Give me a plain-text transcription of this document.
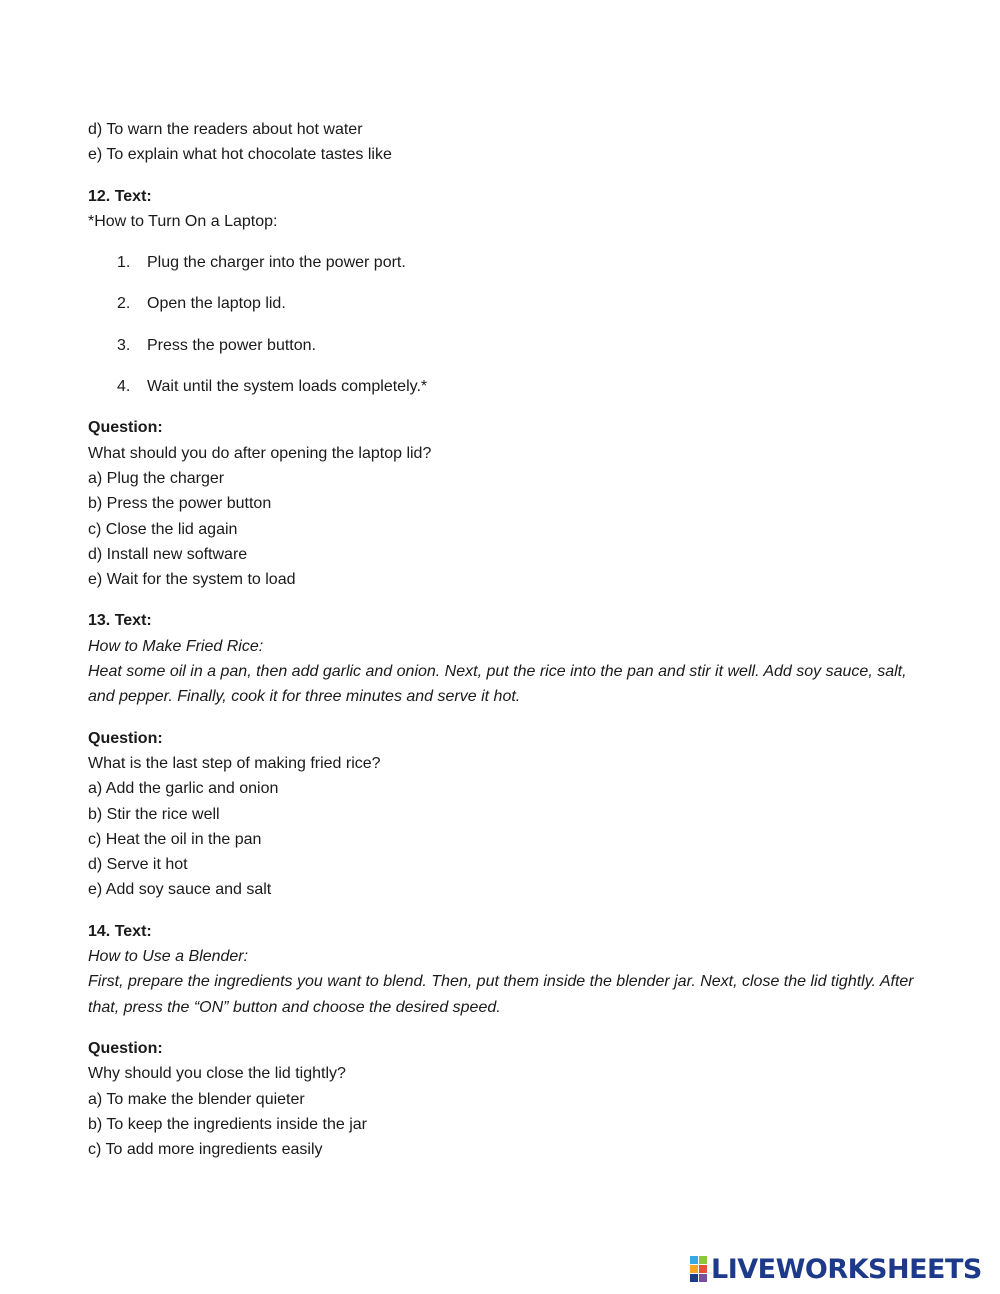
d) To warn the readers about hot water
e) To explain what hot chocolate tastes like
12. Text:
*How to Turn On a Laptop:
1. Plug the charger into the power port.
2. Open the laptop lid.
3. Press the power button.
4. Wait until the system loads completely.*
Question:
What should you do after opening the laptop lid?
a) Plug the charger
b) Press the power button
c) Close the lid again
d) Install new software
e) Wait for the system to load
13. Text:
How to Make Fried Rice:
Heat some oil in a pan, then add garlic and onion. Next, put the rice into the pan and stir it well. Add soy sauce, salt, and pepper. Finally, cook it for three minutes and serve it hot.
Question:
What is the last step of making fried rice?
a) Add the garlic and onion
b) Stir the rice well
c) Heat the oil in the pan
d) Serve it hot
e) Add soy sauce and salt
14. Text:
How to Use a Blender:
First, prepare the ingredients you want to blend. Then, put them inside the blender jar. Next, close the lid tightly. After that, press the “ON” button and choose the desired speed.
Question:
Why should you close the lid tightly?
a) To make the blender quieter
b) To keep the ingredients inside the jar
c) To add more ingredients easily
LIVEWORKSHEETS
